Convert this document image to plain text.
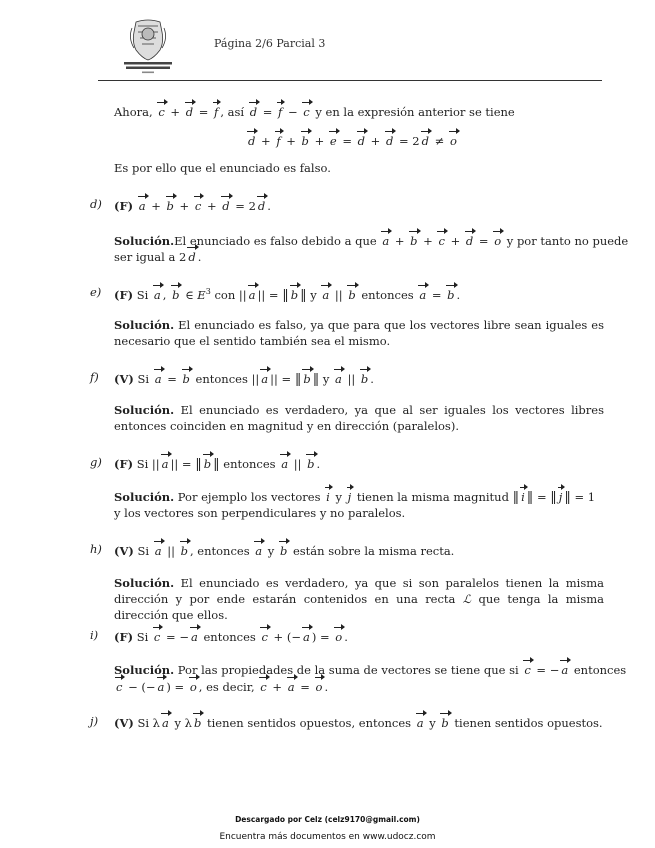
Página 2/6 Parcial 3
Ahora, c + d = f , así d = f − c y en la expresión anterior se tiene
d + f + b + e = d + d = 2 d ≠ o
Es por ello que el enunciado es falso.
d) (F) a + b + c + d = 2 d .
Solución.El enunciado es falso debido a que a + b + c + d = o y por tanto no puede
ser igual a 2 d .
e) (F) Si a , b ∈ $E^3$ con || a || = ‖ b ‖ y a || b entonces a = b .
Solución. El enunciado es falso, ya que para que los vectores libre sean iguales es necesario que el sentido también sea el mismo.
f) (V) Si a = b entonces || a || = ‖ b ‖ y a || b .
Solución. El enunciado es verdadero, ya que al ser iguales los vectores libres entonces coinciden en magnitud y en dirección (paralelos).
g) (F) Si || a || = ‖ b ‖ entonces a || b .
Solución. Por ejemplo los vectores i y j tienen la misma magnitud ‖ i ‖ = ‖ j ‖ = 1
y los vectores son perpendiculares y no paralelos.
h) (V) Si a || b , entonces a y b están sobre la misma recta.
Solución. El enunciado es verdadero, ya que si son paralelos tienen la misma dirección y por ende estarán contenidos en una recta ℒ que tenga la misma dirección que ellos.
i) (F) Si c = − a entonces c + (− a ) = o .
Solución. Por las propiedades de la suma de vectores se tiene que si c = − a entonces
c − (− a ) = o , es decir, c + a = o .
j) (V) Si λ a y λ b tienen sentidos opuestos, entonces a y b tienen sentidos opuestos.
Descargado por Celz (celz9170@gmail.com)
Encuentra más documentos en www.udocz.com
